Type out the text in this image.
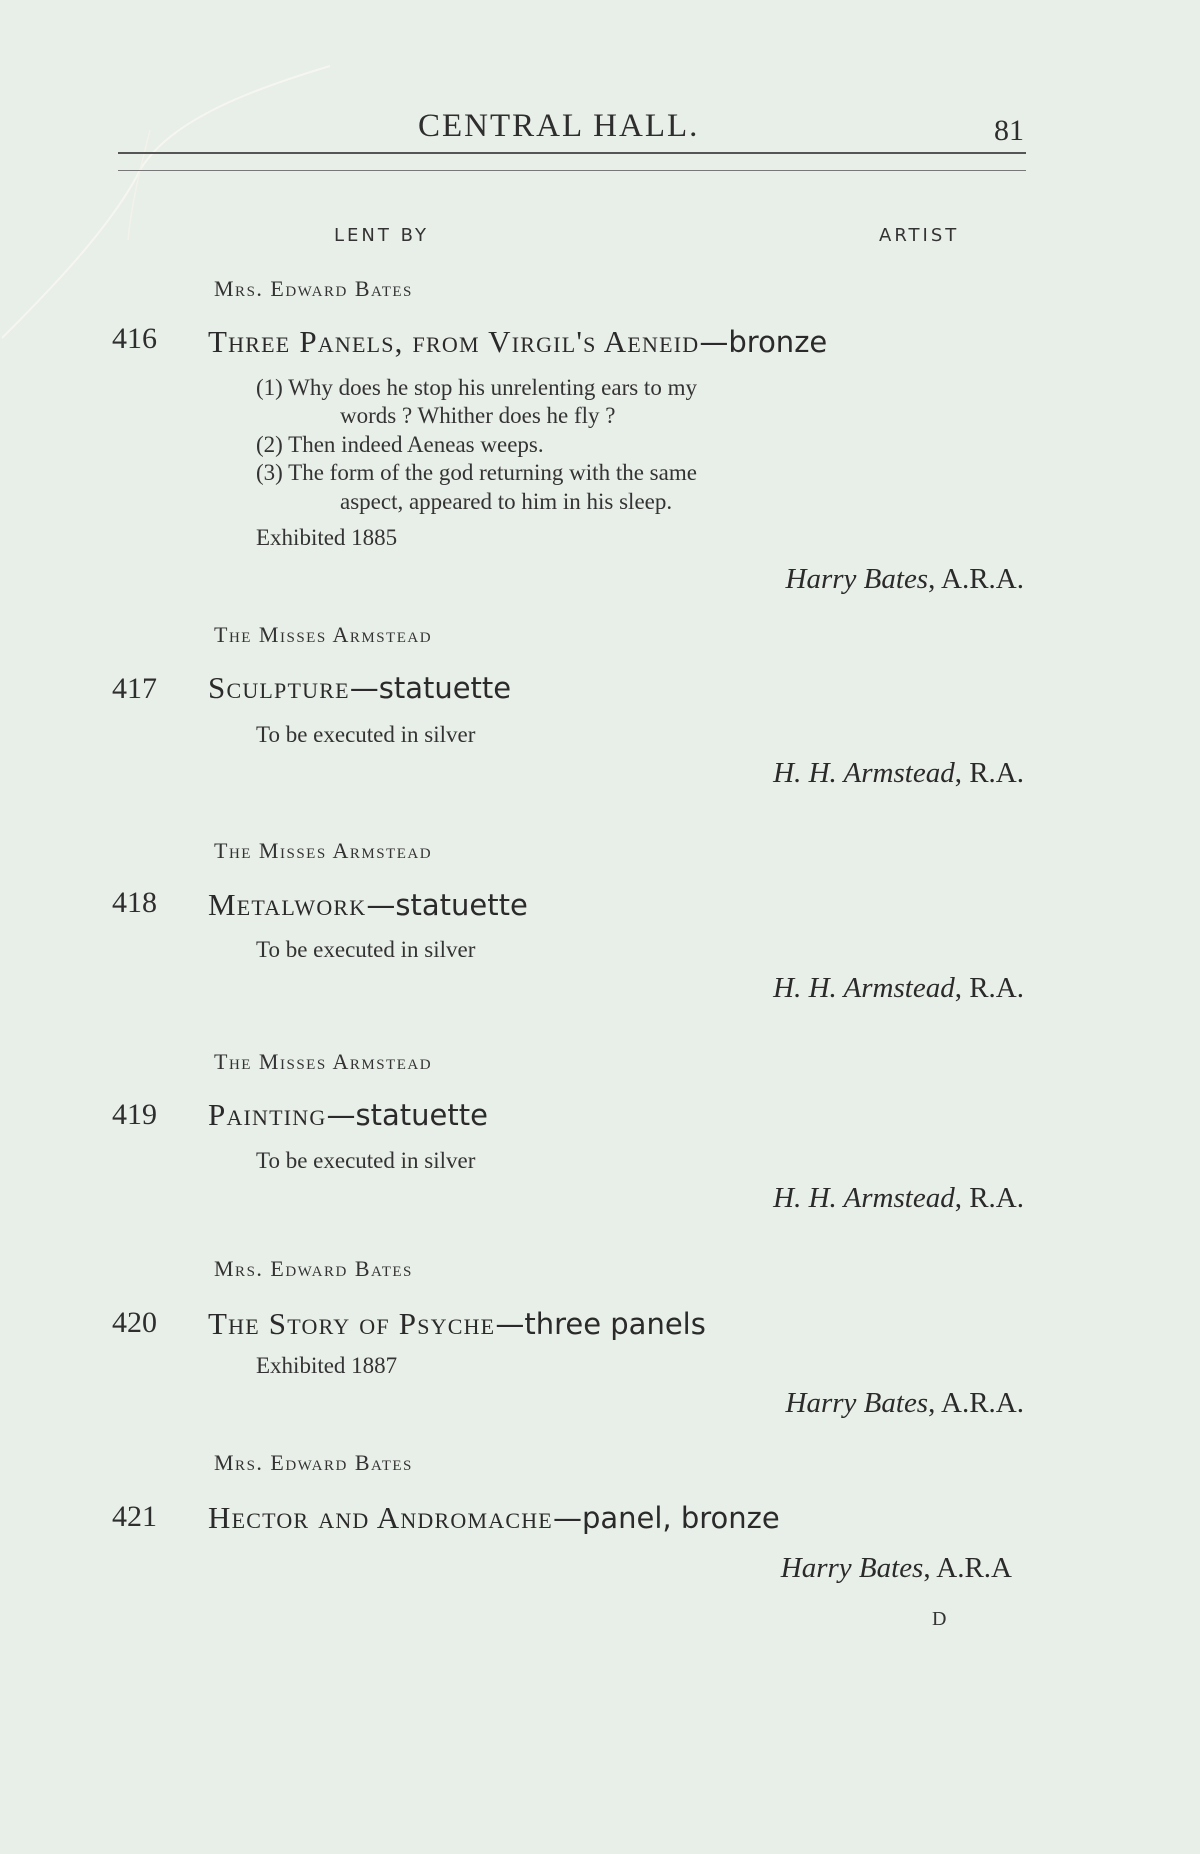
CENTRAL HALL.	81
LENT BY	ARTIST
Mrs. Edward Bates
416 Three Panels, from Virgil's Aeneid—bronze
(1) Why does he stop his unrelenting ears to my
words ? Whither does he fly ?
(2) Then indeed Aeneas weeps.
(3) The form of the god returning with the same
aspect, appeared to him in his sleep.
Exhibited 1885
Harry Bates, A.R.A.
The Misses Armstead
417 Sculpture—statuette
To be executed in silver
H. H. Armstead, R.A.
The Misses Armstead
418 Metalwork—statuette
To be executed in silver
H. H. Armstead, R.A.
The Misses Armstead
419 Painting—statuette
To be executed in silver
H. H. Armstead, R.A.
Mrs. Edward Bates
420 The Story of Psyche—three panels
Exhibited 1887
Harry Bates, A.R.A.
Mrs. Edward Bates
421 Hector and Andromache—panel, bronze
Harry Bates, A.R.A
D
